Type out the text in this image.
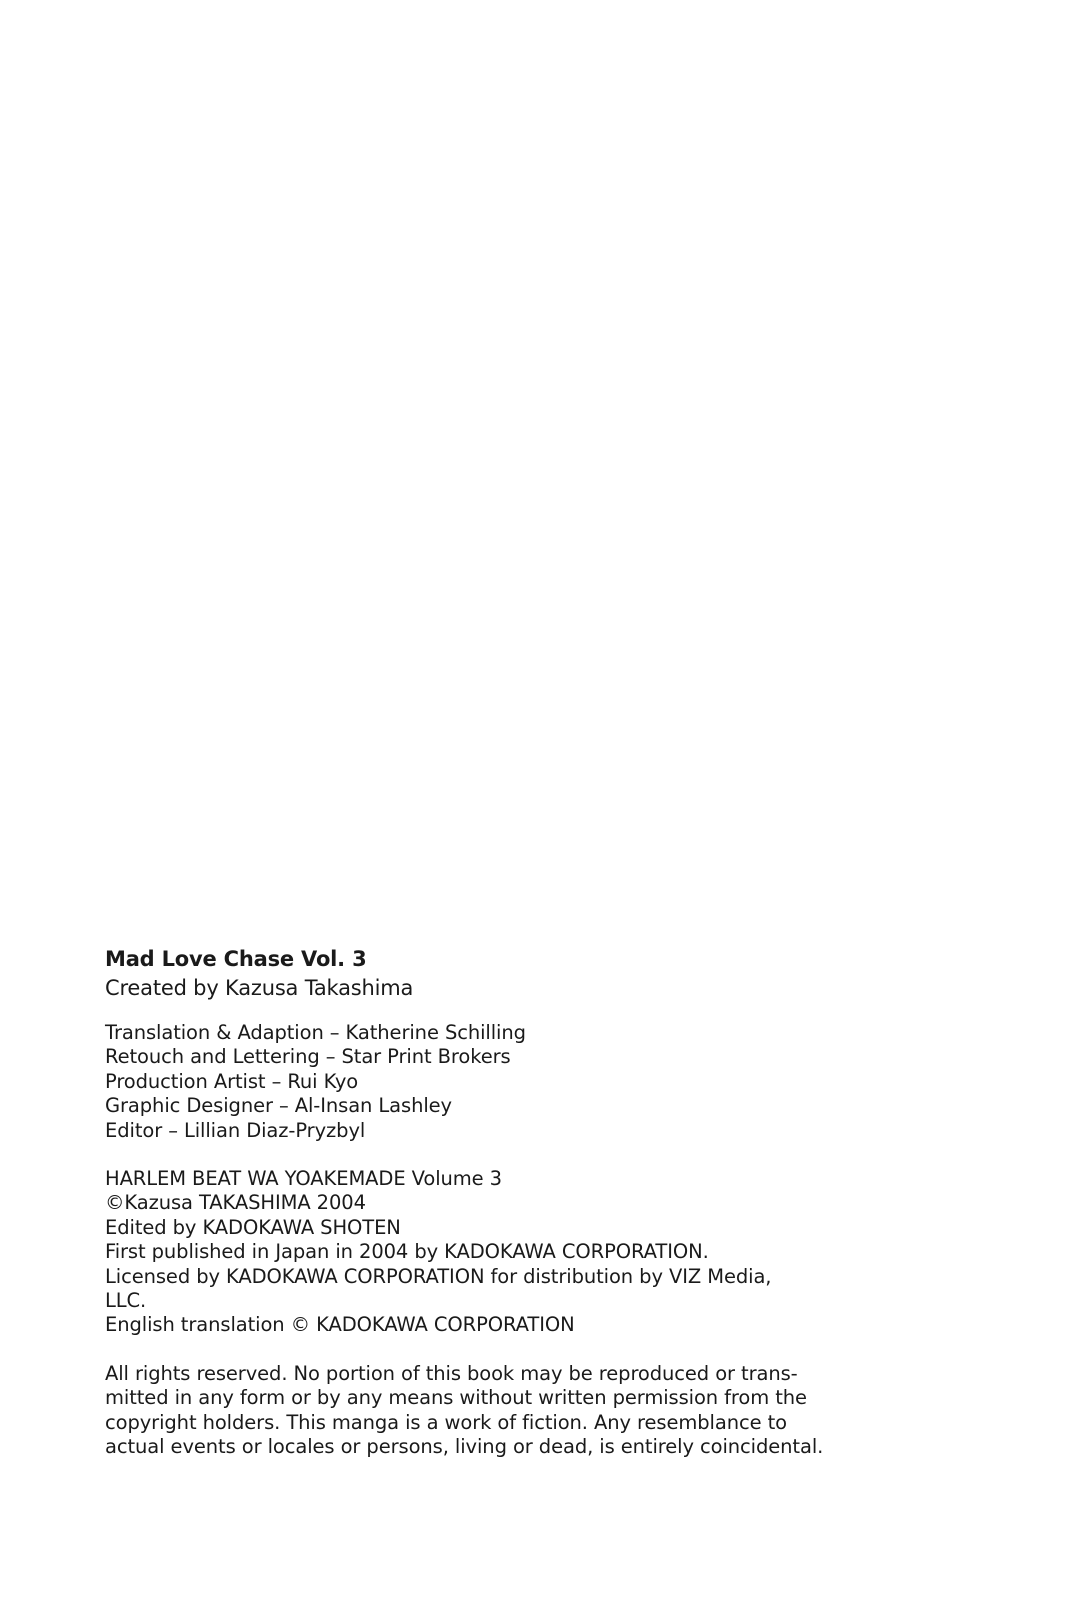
Mad Love Chase Vol. 3
Created by Kazusa Takashima
Translation & Adaption – Katherine Schilling
Retouch and Lettering – Star Print Brokers
Production Artist – Rui Kyo
Graphic Designer – Al-Insan Lashley
Editor – Lillian Diaz-Pryzbyl
HARLEM BEAT WA YOAKEMADE Volume 3
©Kazusa TAKASHIMA 2004
Edited by KADOKAWA SHOTEN
First published in Japan in 2004 by KADOKAWA CORPORATION.
Licensed by KADOKAWA CORPORATION for distribution by VIZ Media,
LLC.
English translation © KADOKAWA CORPORATION
All rights reserved. No portion of this book may be reproduced or trans-
mitted in any form or by any means without written permission from the
copyright holders. This manga is a work of fiction. Any resemblance to
actual events or locales or persons, living or dead, is entirely coincidental.
